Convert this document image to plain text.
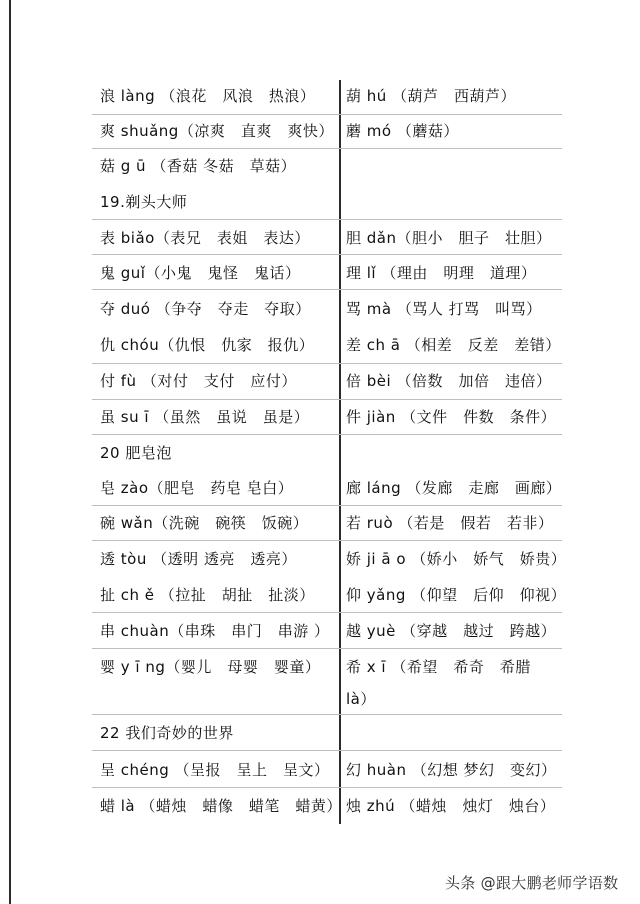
浪 làng （浪花　风浪　热浪） 葫 hú （葫芦　西葫芦）
爽 shuǎng（凉爽　直爽　爽快） 蘑 mó （蘑菇）
菇 g ū （香菇 冬菇　草菇）
19.剃头大师
表 biǎo（表兄　表姐　表达） 胆 dǎn（胆小　胆子　壮胆）
鬼 guǐ（小鬼　鬼怪　鬼话）	理 lǐ （理由　明理　道理）
夺 duó （争夺　夺走　夺取） 骂 mà （骂人 打骂　叫骂）
仇 chóu（仇恨　仇家　报仇） 差 ch ā （相差　反差　差错）
付 fù （对付　支付　应付）	倍 bèi （倍数　加倍　违倍）
虽 su ī （虽然　虽说　虽是） 件 jiàn （文件　件数　条件）
20 肥皂泡
皂 zào（肥皂　药皂 皂白）	廊 láng （发廊　走廊　画廊）
碗 wǎn（洗碗　碗筷　饭碗）	若 ruò （若是　假若　若非）
透 tòu （透明 透亮　透亮）	娇 ji ā o （娇小　娇气　娇贵）
扯 ch ě （拉扯　胡扯　扯淡） 仰 yǎng （仰望　后仰　仰视）
串 chuàn（串珠　串门　串游 ） 越 yuè （穿越　越过　跨越）
婴 y ī ng（婴儿　母婴　婴童） 希 x ī （希望　希奇　希腊
là）
22 我们奇妙的世界
呈 chéng （呈报　呈上　呈文） 幻 huàn （幻想 梦幻　变幻）
蜡 là （蜡烛　蜡像　蜡笔　蜡黄） 烛 zhú （蜡烛　烛灯　烛台）
头条 @跟大鹏老师学语数
